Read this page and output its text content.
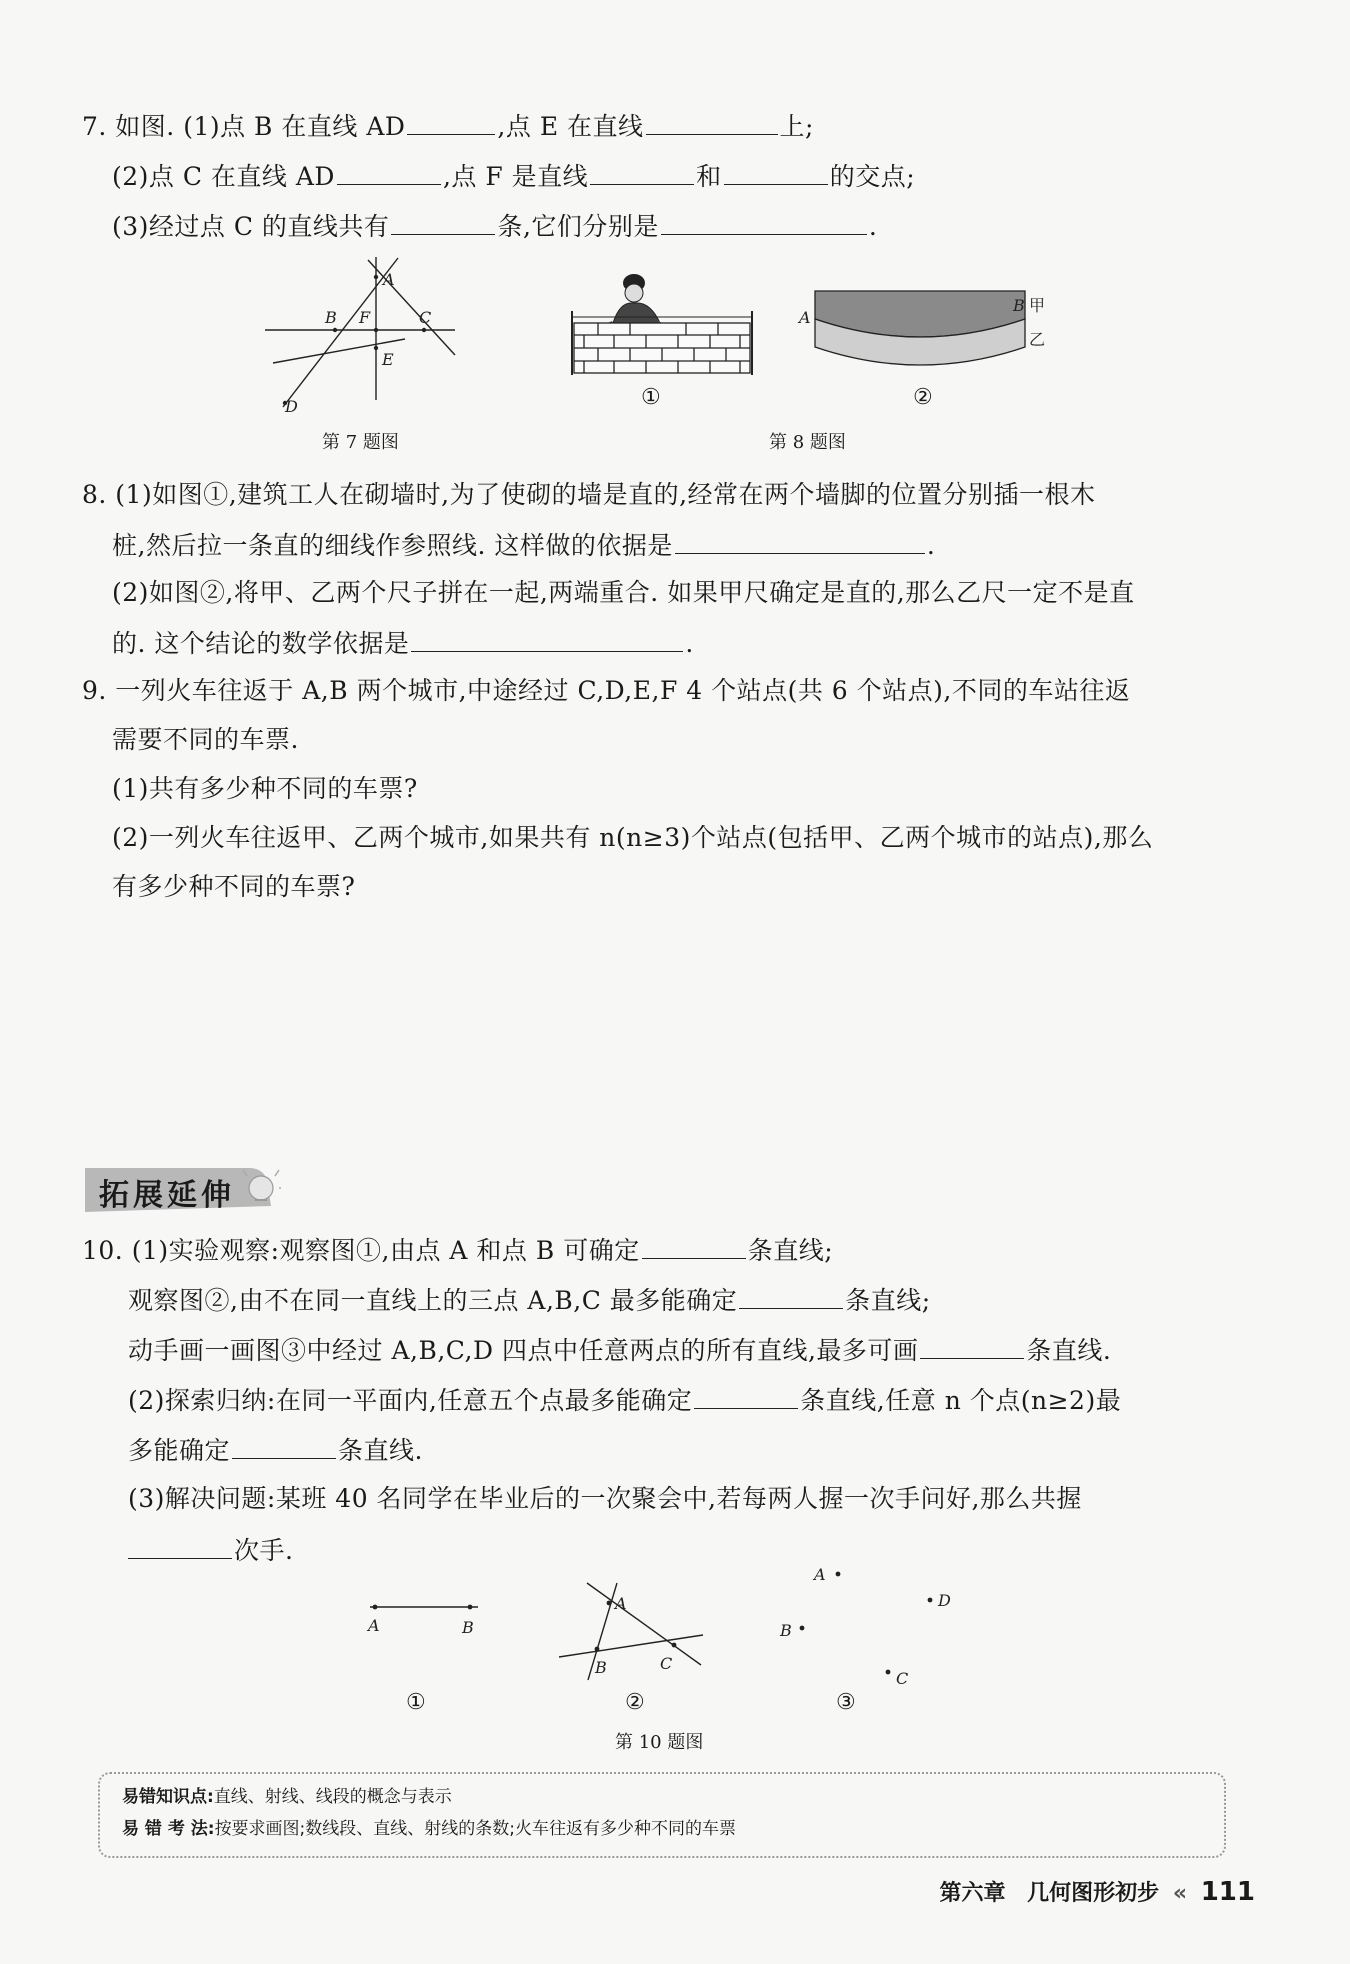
7. 如图. (1)点 B 在直线 AD	,点 E 在直线	上;
(2)点 C 在直线 AD	,点 F 是直线	和	的交点;
(3)经过点 C 的直线共有	条,它们分别是	.
A
B F	C
E
D
第 7 题图
①
A
B 甲
乙
②
第 8 题图
8. (1)如图①,建筑工人在砌墙时,为了使砌的墙是直的,经常在两个墙脚的位置分别插一根木
桩,然后拉一条直的细线作参照线. 这样做的依据是	.
(2)如图②,将甲、乙两个尺子拼在一起,两端重合. 如果甲尺确定是直的,那么乙尺一定不是直
的. 这个结论的数学依据是	.
9. 一列火车往返于 A,B 两个城市,中途经过 C,D,E,F 4 个站点(共 6 个站点),不同的车站往返
需要不同的车票.
(1)共有多少种不同的车票?
(2)一列火车往返甲、乙两个城市,如果共有 n(n≥3)个站点(包括甲、乙两个城市的站点),那么
有多少种不同的车票?
拓展延伸
10. (1)实验观察:观察图①,由点 A 和点 B 可确定	条直线;
观察图②,由不在同一直线上的三点 A,B,C 最多能确定	条直线;
动手画一画图③中经过 A,B,C,D 四点中任意两点的所有直线,最多可画	条直线.
(2)探索归纳:在同一平面内,任意五个点最多能确定	条直线,任意 n 个点(n≥2)最
多能确定	条直线.
(3)解决问题:某班 40 名同学在毕业后的一次聚会中,若每两人握一次手问好,那么共握
次手.
A	B
①
A
B	C
②
A
D
B
C
③
第 10 题图
易错知识点:直线、射线、线段的概念与表示
易 错 考 法:按要求画图;数线段、直线、射线的条数;火车往返有多少种不同的车票
第六章 几何图形初步 « 111
